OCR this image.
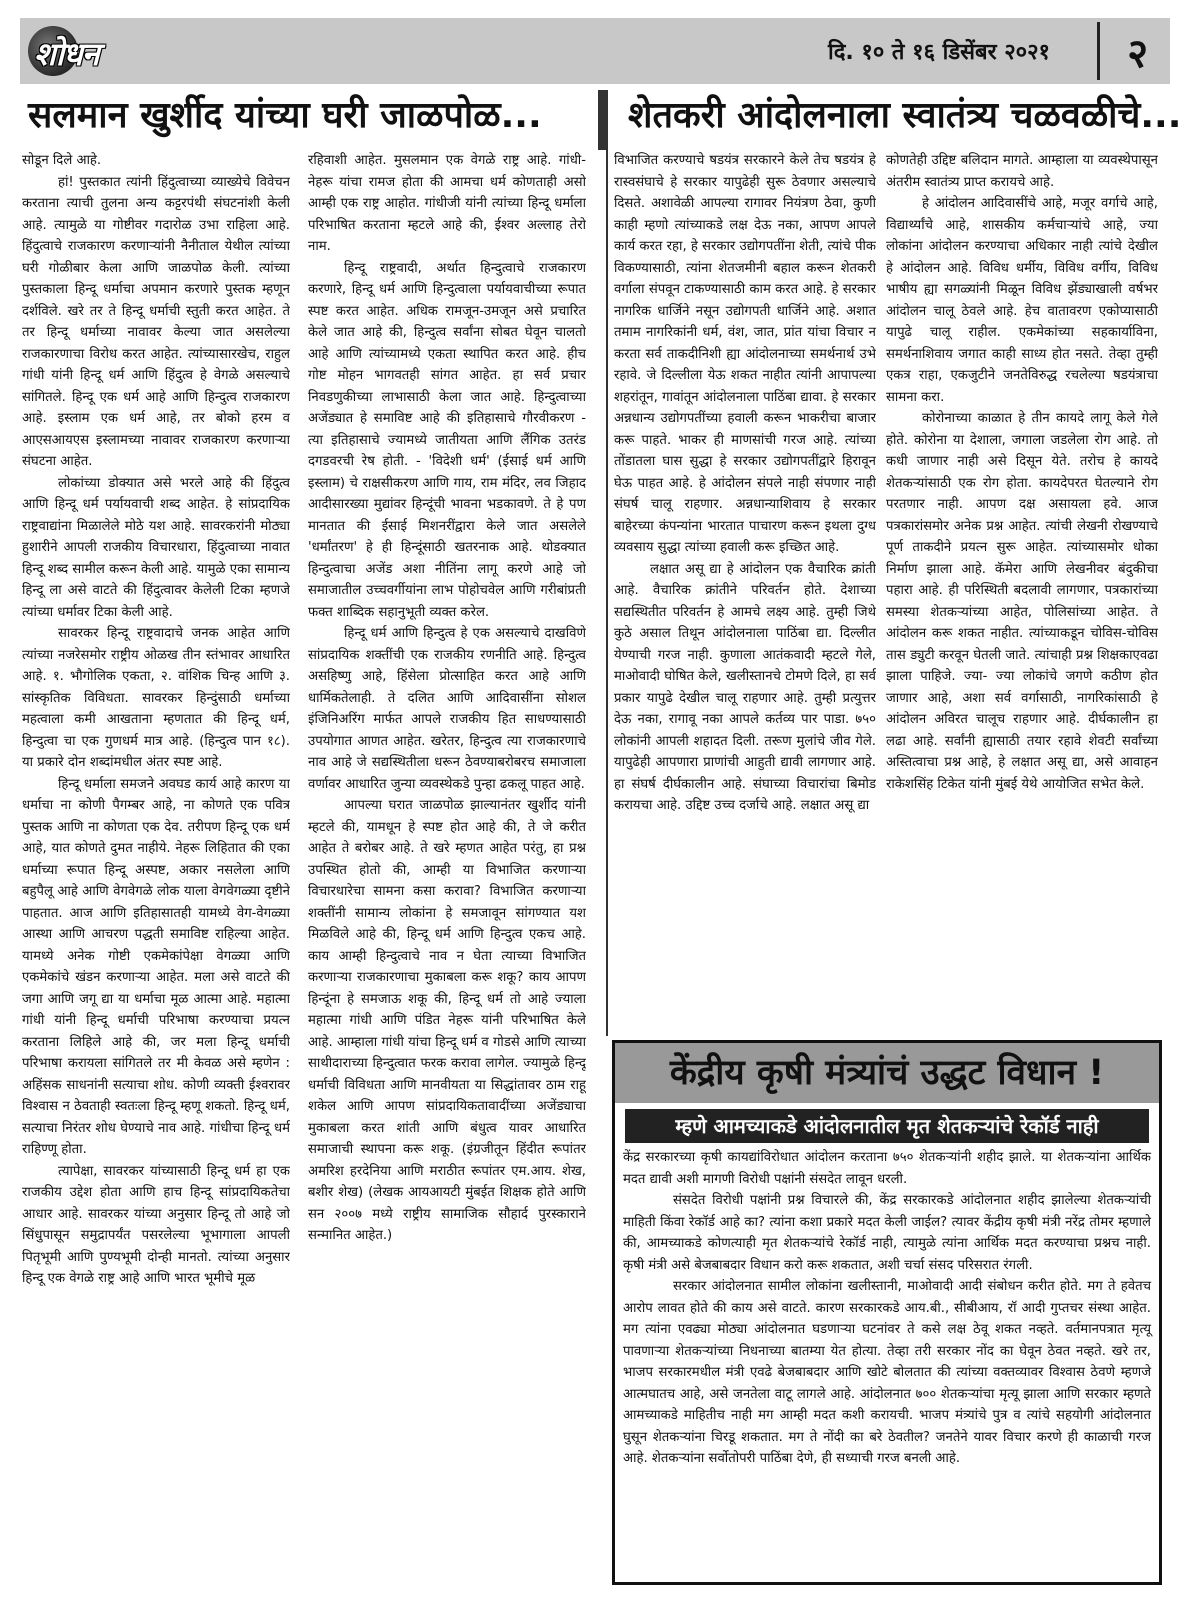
शोधन	दि. १० ते १६ डिसेंबर २०२१ २
सलमान खुर्शीद यांच्या घरी जाळपोळ... शेतकरी आंदोलनाला स्वातंत्र्य चळवळीचे...

सोडून दिले आहे.

हां! पुस्तकात त्यांनी हिंदुत्वाच्या व्याख्येचे विवेचन करताना त्याची तुलना अन्य कट्टरपंथी संघटनांशी केली आहे. त्यामुळे या गोष्टीवर गदारोळ उभा राहिला आहे. हिंदुत्वाचे राजकारण करणाऱ्यांनी नैनीताल येथील त्यांच्या घरी गोळीबार केला आणि जाळपोळ केली. त्यांच्या पुस्तकाला हिन्दू धर्माचा अपमान करणारे पुस्तक म्हणून दर्शविले. खरे तर ते हिन्दू धर्माची स्तुती करत आहेत. ते तर हिन्दू धर्माच्या नावावर केल्या जात असलेल्या राजकारणाचा विरोध करत आहेत. त्यांच्यासारखेच, राहुल गांधी यांनी हिन्दू धर्म आणि हिंदुत्व हे वेगळे असल्याचे सांगितले. हिन्दू एक धर्म आहे आणि हिन्दुत्व राजकारण आहे. इस्लाम एक धर्म आहे, तर बोको हरम व आएसआयएस इस्लामच्या नावावर राजकारण करणाऱ्या संघटना आहेत.

लोकांच्या डोक्यात असे भरले आहे की हिंदुत्व आणि हिन्दू धर्म पर्यायवाची शब्द आहेत. हे सांप्रदायिक राष्ट्रवाद्यांना मिळालेले मोठे यश आहे. सावरकरांनी मोठ्या हुशारीने आपली राजकीय विचारधारा, हिंदुत्वाच्या नावात हिन्दू शब्द सामील करून केली आहे. यामुळे एका सामान्य हिन्दू ला असे वाटते की हिंदुत्वावर केलेली टिका म्हणजे त्यांच्या धर्मावर टिका केली आहे.

सावरकर हिन्दू राष्ट्रवादाचे जनक आहेत आणि त्यांच्या नजरेसमोर राष्ट्रीय ओळख तीन स्तंभावर आधारित आहे. १. भौगोलिक एकता, २. वांशिक चिन्ह आणि ३. सांस्कृतिक विविधता. सावरकर हिन्दुंसाठी धर्माच्या महत्वाला कमी आखताना म्हणतात की हिन्दू धर्म, हिन्दुत्वा चा एक गुणधर्म मात्र आहे. (हिन्दुत्व पान १८). या प्रकारे दोन शब्दांमधील अंतर स्पष्ट आहे.

हिन्दू धर्माला समजने अवघड कार्य आहे कारण या धर्माचा ना कोणी पैगम्बर आहे, ना कोणते एक पवित्र पुस्तक आणि ना कोणता एक देव. तरीपण हिन्दू एक धर्म आहे, यात कोणते दुमत नाहीये. नेहरू लिहितात की एका धर्माच्या रूपात हिन्दू अस्पष्ट, अकार नसलेला आणि बहुपैलू आहे आणि वेगवेगळे लोक याला वेगवेगळ्या दृष्टीने पाहतात. आज आणि इतिहासातही यामध्ये वेग-वेगळ्या आस्था आणि आचरण पद्धती समाविष्ट राहिल्या आहेत. यामध्ये अनेक गोष्टी एकमेकांपेक्षा वेगळ्या आणि एकमेकांचे खंडन करणाऱ्या आहेत. मला असे वाटते की जगा आणि जगू द्या या धर्माचा मूळ आत्मा आहे. महात्मा गांधी यांनी हिन्दू धर्माची परिभाषा करण्याचा प्रयत्न करताना लिहिले आहे की, जर मला हिन्दू धर्माची परिभाषा करायला सांगितले तर मी केवळ असे म्हणेन : अहिंसक साधनांनी सत्याचा शोध. कोणी व्यक्ती ईश्वरावर विश्वास न ठेवताही स्वतःला हिन्दू म्हणू शकतो. हिन्दू धर्म, सत्याचा निरंतर शोध घेण्याचे नाव आहे. गांधीचा हिन्दू धर्म राहिण्णू होता.

त्यापेक्षा, सावरकर यांच्यासाठी हिन्दू धर्म हा एक राजकीय उद्देश होता आणि हाच हिन्दू सांप्रदायिकतेचा आधार आहे. सावरकर यांच्या अनुसार हिन्दू तो आहे जो सिंधुपासून समुद्रापर्यंत पसरलेल्या भूभागाला आपली पितृभूमी आणि पुण्यभूमी दोन्ही मानतो. त्यांच्या अनुसार हिन्दू एक वेगळे राष्ट्र आहे आणि भारत भूमीचे मूळ

रहिवाशी आहेत. मुसलमान एक वेगळे राष्ट्र आहे. गांधी-नेहरू यांचा रामज होता की आमचा धर्म कोणताही असो आम्ही एक राष्ट्र आहोत. गांधीजी यांनी त्यांच्या हिन्दू धर्माला परिभाषित करताना म्हटले आहे की, ईश्वर अल्लाह तेरो नाम.

हिन्दू राष्ट्रवादी, अर्थात हिन्दुत्वाचे राजकारण करणारे, हिन्दू धर्म आणि हिन्दुत्वाला पर्यायवाचीच्या रूपात स्पष्ट करत आहेत. अधिक रामजून-उमजून असे प्रचारित केले जात आहे की, हिन्दुत्व सर्वांना सोबत घेवून चालतो आहे आणि त्यांच्यामध्ये एकता स्थापित करत आहे. हीच गोष्ट मोहन भागवतही सांगत आहेत. हा सर्व प्रचार निवडणुकीच्या लाभासाठी केला जात आहे. हिन्दुत्वाच्या अजेंड्यात हे समाविष्ट आहे की इतिहासाचे गौरवीकरण - त्या इतिहासाचे ज्यामध्ये जातीयता आणि लैंगिक उतरंड दगडवरची रेष होती. - 'विदेशी धर्म' (ईसाई धर्म आणि इस्लाम) चे राक्षसीकरण आणि गाय, राम मंदिर, लव जिहाद आदीसारख्या मुद्यांवर हिन्दूंची भावना भडकावणे. ते हे पण मानतात की ईसाई मिशनरींद्वारा केले जात असलेले 'धर्मांतरण' हे ही हिन्दूंसाठी खतरनाक आहे. थोडक्यात हिन्दुत्वाचा अजेंड अशा नीतिंना लागू करणे आहे जो समाजातील उच्चवर्गीयांना लाभ पोहोचवेल आणि गरीबांप्रती फक्त शाब्दिक सहानुभूती व्यक्त करेल.

हिन्दू धर्म आणि हिन्दुत्व हे एक असल्याचे दाखविणे सांप्रदायिक शक्तींची एक राजकीय रणनीति आहे. हिन्दुत्व असहिष्णु आहे, हिंसेला प्रोत्साहित करत आहे आणि धार्मिकतेलाही. ते दलित आणि आदिवासींना सोशल इंजिनिअरिंग मार्फत आपले राजकीय हित साधण्यासाठी उपयोगात आणत आहेत. खरेतर, हिन्दुत्व त्या राजकारणाचे नाव आहे जे सद्यस्थितीला धरून ठेवण्याबरोबरच समाजाला वर्णावर आधारित जुन्या व्यवस्थेकडे पुन्हा ढकलू पाहत आहे.

आपल्या घरात जाळपोळ झाल्यानंतर खुर्शीद यांनी म्हटले की, यामधून हे स्पष्ट होत आहे की, ते जे करीत आहेत ते बरोबर आहे. ते खरे म्हणत आहेत परंतु, हा प्रश्न उपस्थित होतो की, आम्ही या विभाजित करणाऱ्या विचारधारेचा सामना कसा करावा? विभाजित करणाऱ्या शक्तींनी सामान्य लोकांना हे समजावून सांगण्यात यश मिळविले आहे की, हिन्दू धर्म आणि हिन्दुत्व एकच आहे. काय आम्ही हिन्दुत्वाचे नाव न घेता त्याच्या विभाजित करणाऱ्या राजकारणाचा मुकाबला करू शकू? काय आपण हिन्दूंना हे समजाऊ शकू की, हिन्दू धर्म तो आहे ज्याला महात्मा गांधी आणि पंडित नेहरू यांनी परिभाषित केले आहे. आम्हाला गांधी यांचा हिन्दू धर्म व गोडसे आणि त्याच्या साथीदाराच्या हिन्दुत्वात फरक करावा लागेल. ज्यामुळे हिन्दू धर्माची विविधता आणि मानवीयता या सिद्धांतावर ठाम राहू शकेल आणि आपण सांप्रदायिकतावादींच्या अजेंड्याचा मुकाबला करत शांती आणि बंधुत्व यावर आधारित समाजाची स्थापना करू शकू. (इंग्रजीतून हिंदीत रूपांतर अमरिश हरदेनिया आणि मराठीत रूपांतर एम.आय. शेख, बशीर शेख) (लेखक आयआयटी मुंबईत शिक्षक होते आणि सन २००७ मध्ये राष्ट्रीय सामाजिक सौहार्द पुरस्काराने सन्मानित आहेत.)

विभाजित करण्याचे षडयंत्र सरकारने केले तेच षडयंत्र हे रास्वसंघाचे हे सरकार यापुढेही सुरू ठेवणार असल्याचे दिसते. अशावेळी आपल्या रागावर नियंत्रण ठेवा, कुणी काही म्हणो त्यांच्याकडे लक्ष देऊ नका, आपण आपले कार्य करत रहा, हे सरकार उद्योगपतींना शेती, त्यांचे पीक विकण्यासाठी, त्यांना शेतजमीनी बहाल करून शेतकरी वर्गाला संपवून टाकण्यासाठी काम करत आहे. हे सरकार नागरिक धार्जिने नसून उद्योगपती धार्जिने आहे. अशात तमाम नागरिकांनी धर्म, वंश, जात, प्रांत यांचा विचार न करता सर्व ताकदीनिशी ह्या आंदोलनाच्या समर्थनार्थ उभे रहावे. जे दिल्लीला येऊ शकत नाहीत त्यांनी आपापल्या शहरांतून, गावांतून आंदोलनाला पाठिंबा द्यावा. हे सरकार अन्नधान्य उद्योगपतींच्या हवाली करून भाकरीचा बाजार करू पाहते. भाकर ही माणसांची गरज आहे. त्यांच्या तोंडातला घास सुद्धा हे सरकार उद्योगपतींद्वारे हिरावून घेऊ पाहत आहे. हे आंदोलन संपले नाही संपणार नाही संघर्ष चालू राहणार. अन्नधान्याशिवाय हे सरकार बाहेरच्या कंपन्यांना भारतात पाचारण करून इथला दुग्ध व्यवसाय सुद्धा त्यांच्या हवाली करू इच्छित आहे.

लक्षात असू द्या हे आंदोलन एक वैचारिक क्रांती आहे. वैचारिक क्रांतीने परिवर्तन होते. देशाच्या सद्यस्थितीत परिवर्तन हे आमचे लक्ष्य आहे. तुम्ही जिथे कुठे असाल तिथून आंदोलनाला पाठिंबा द्या. दिल्लीत येण्याची गरज नाही. कुणाला आतंकवादी म्हटले गेले, माओवादी घोषित केले, खलीस्तानचे टोमणे दिले, हा सर्व प्रकार यापुढे देखील चालू राहणार आहे. तुम्ही प्रत्युत्तर देऊ नका, रागावू नका आपले कर्तव्य पार पाडा. ७५० लोकांनी आपली शहादत दिली. तरूण मुलांचे जीव गेले. यापुढेही आपणारा प्राणांची आहुती द्यावी लागणार आहे. हा संघर्ष दीर्घकालीन आहे. संघाच्या विचारांचा बिमोड करायचा आहे. उद्दिष्ट उच्च दर्जाचे आहे. लक्षात असू द्या

कोणतेही उद्दिष्ट बलिदान मागते. आम्हाला या व्यवस्थेपासून अंतरीम स्वातंत्र्य प्राप्त करायचे आहे.

हे आंदोलन आदिवासींचे आहे, मजूर वर्गाचे आहे, विद्यार्थ्यांचे आहे, शासकीय कर्मचाऱ्यांचे आहे, ज्या लोकांना आंदोलन करण्याचा अधिकार नाही त्यांचे देखील हे आंदोलन आहे. विविध धर्मीय, विविध वर्गीय, विविध भाषीय ह्या सगळ्यांनी मिळून विविध झेंड्याखाली वर्षभर आंदोलन चालू ठेवले आहे. हेच वातावरण एकोप्यासाठी यापुढे चालू राहील. एकमेकांच्या सहकार्याविना, समर्थनाशिवाय जगात काही साध्य होत नसते. तेव्हा तुम्ही एकत्र राहा, एकजुटीने जनतेविरुद्ध रचलेल्या षडयंत्राचा सामना करा.

कोरोनाच्या काळात हे तीन कायदे लागू केले गेले होते. कोरोना या देशाला, जगाला जडलेला रोग आहे. तो कधी जाणार नाही असे दिसून येते. तरोच हे कायदे शेतकऱ्यांसाठी एक रोग होता. कायदेपरत घेतल्याने रोग परतणार नाही. आपण दक्ष असायला हवे. आज पत्रकारांसमोर अनेक प्रश्न आहेत. त्यांची लेखनी रोखण्याचे पूर्ण ताकदीने प्रयत्न सुरू आहेत. त्यांच्यासमोर धोका निर्माण झाला आहे. कॅमेरा आणि लेखनीवर बंदुकीचा पहारा आहे. ही परिस्थिती बदलावी लागणार, पत्रकारांच्या समस्या शेतकऱ्यांच्या आहेत, पोलिसांच्या आहेत. ते आंदोलन करू शकत नाहीत. त्यांच्याकडून चोविस-चोविस तास ड्युटी करवून घेतली जाते. त्यांचाही प्रश्न शिक्षकाएवढा झाला पाहिजे. ज्या- ज्या लोकांचे जगणे कठीण होत जाणार आहे, अशा सर्व वर्गासाठी, नागरिकांसाठी हे आंदोलन अविरत चालूच राहणार आहे. दीर्घकालीन हा लढा आहे. सर्वांनी ह्यासाठी तयार रहावे शेवटी सर्वांच्या अस्तित्वाचा प्रश्न आहे, हे लक्षात असू द्या, असे आवाहन राकेशसिंह टिकेत यांनी मुंबई येथे आयोजित सभेत केले.

केंद्रीय कृषी मंत्र्यांचं उद्धट विधान !
म्हणे आमच्याकडे आंदोलनातील मृत शेतकऱ्यांचे रेकॉर्ड नाही

केंद्र सरकारच्या कृषी कायद्यांविरोधात आंदोलन करताना ७५० शेतकऱ्यांनी शहीद झाले. या शेतकऱ्यांना आर्थिक मदत द्यावी अशी मागणी विरोधी पक्षांनी संसदेत लावून धरली.

संसदेत विरोधी पक्षांनी प्रश्न विचारले की, केंद्र सरकारकडे आंदोलनात शहीद झालेल्या शेतकऱ्यांची माहिती किंवा रेकॉर्ड आहे का? त्यांना कशा प्रकारे मदत केली जाईल? त्यावर केंद्रीय कृषी मंत्री नरेंद्र तोमर म्हणाले की, आमच्याकडे कोणत्याही मृत शेतकऱ्यांचे रेकॉर्ड नाही, त्यामुळे त्यांना आर्थिक मदत करण्याचा प्रश्नच नाही. कृषी मंत्री असे बेजबाबदार विधान करो करू शकतात, अशी चर्चा संसद परिसरात रंगली.

सरकार आंदोलनात सामील लोकांना खलीस्तानी, माओवादी आदी संबोधन करीत होते. मग ते हवेतच आरोप लावत होते की काय असे वाटते. कारण सरकारकडे आय.बी., सीबीआय, रॉ आदी गुप्तचर संस्था आहेत. मग त्यांना एवढ्या मोठ्या आंदोलनात घडणाऱ्या घटनांवर ते कसे लक्ष ठेवू शकत नव्हते. वर्तमानपत्रात मृत्यू पावणाऱ्या शेतकऱ्यांच्या निधनाच्या बातम्या येत होत्या. तेव्हा तरी सरकार नोंद का घेवून ठेवत नव्हते. खरे तर, भाजप सरकारमधील मंत्री एवढे बेजबाबदार आणि खोटे बोलतात की त्यांच्या वक्तव्यावर विश्वास ठेवणे म्हणजे आत्मघातच आहे, असे जनतेला वाटू लागले आहे. आंदोलनात ७०० शेतकऱ्यांचा मृत्यू झाला आणि सरकार म्हणते आमच्याकडे माहितीच नाही मग आम्ही मदत कशी करायची. भाजप मंत्र्यांचे पुत्र व त्यांचे सहयोगी आंदोलनात घुसून शेतकऱ्यांना चिरडू शकतात. मग ते नोंदी का बरे ठेवतील? जनतेने यावर विचार करणे ही काळाची गरज आहे. शेतकऱ्यांना सर्वोतोपरी पाठिंबा देणे, ही सध्याची गरज बनली आहे.
